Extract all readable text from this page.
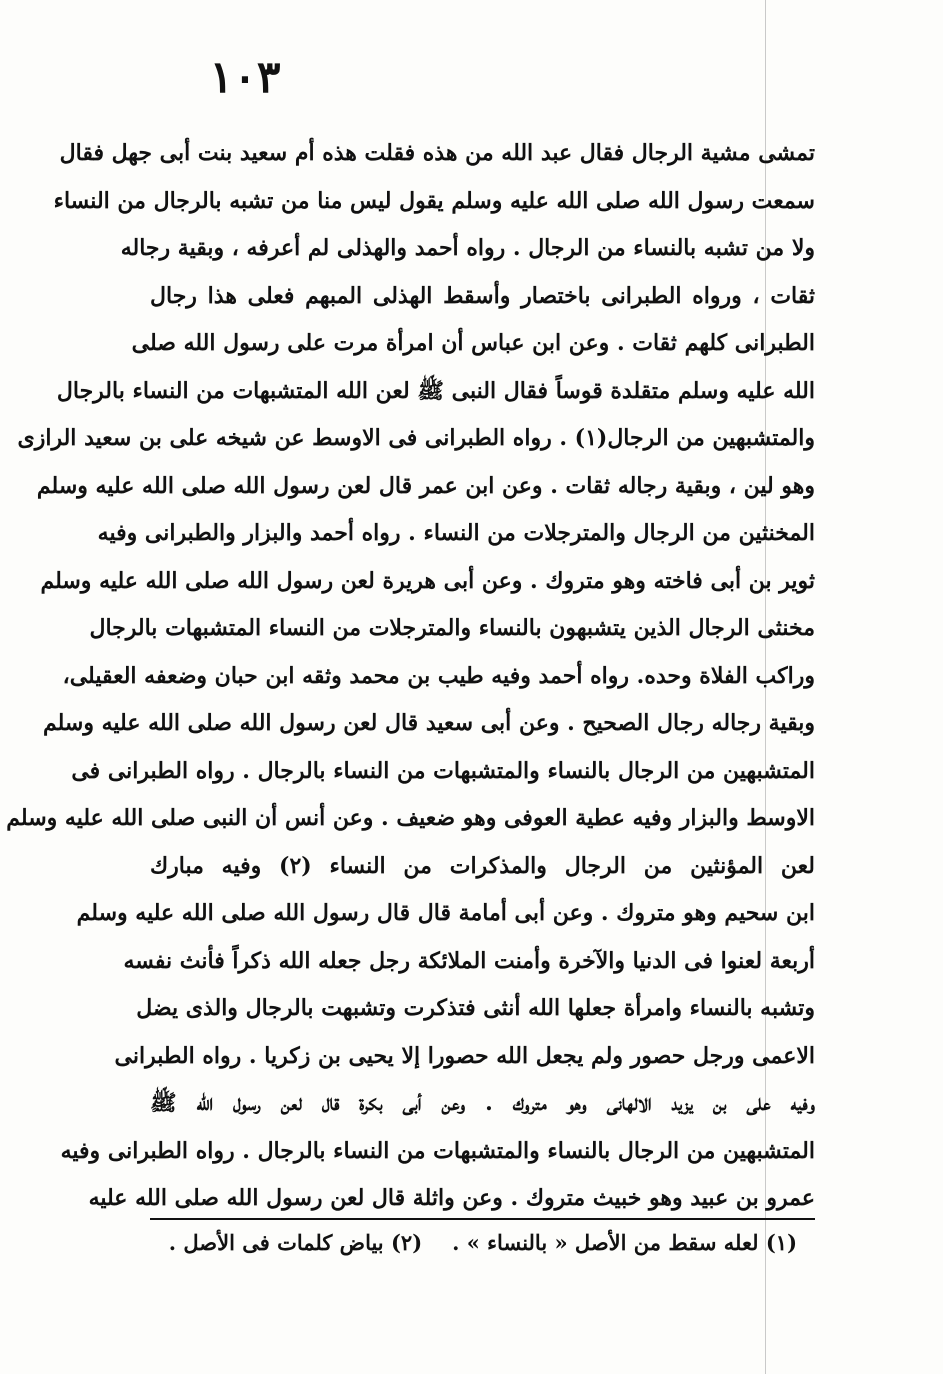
١٠٣
تمشى مشية الرجال فقال عبد الله من هذه فقلت هذه أم سعيد بنت أبى جهل فقال
سمعت رسول الله صلى الله عليه وسلم يقول ليس منا من تشبه بالرجال من النساء
ولا من تشبه بالنساء من الرجال . رواه أحمد والهذلى لم أعرفه ، وبقية رجاله
ثقات ، ورواه الطبرانى باختصار وأسقط الهذلى المبهم فعلى هذا رجال
الطبرانى كلهم ثقات . وعن ابن عباس أن امرأة مرت على رسول الله صلى
الله عليه وسلم متقلدة قوساً فقال النبى ﷺ لعن الله المتشبهات من النساء بالرجال
والمتشبهين من الرجال(١) . رواه الطبرانى فى الاوسط عن شيخه على بن سعيد الرازى
وهو لين ، وبقية رجاله ثقات . وعن ابن عمر قال لعن رسول الله صلى الله عليه وسلم
المخنثين من الرجال والمترجلات من النساء . رواه أحمد والبزار والطبرانى وفيه
ثوير بن أبى فاخته وهو متروك . وعن أبى هريرة لعن رسول الله صلى الله عليه وسلم
مخنثى الرجال الذين يتشبهون بالنساء والمترجلات من النساء المتشبهات بالرجال
وراكب الفلاة وحده. رواه أحمد وفيه طيب بن محمد وثقه ابن حبان وضعفه العقيلى،
وبقية رجاله رجال الصحيح . وعن أبى سعيد قال لعن رسول الله صلى الله عليه وسلم
المتشبهين من الرجال بالنساء والمتشبهات من النساء بالرجال . رواه الطبرانى فى
الاوسط والبزار وفيه عطية العوفى وهو ضعيف . وعن أنس أن النبى صلى الله عليه وسلم
لعن المؤنثين من الرجال والمذكرات من النساء (٢) وفيه مبارك
ابن سحيم وهو متروك . وعن أبى أمامة قال قال رسول الله صلى الله عليه وسلم
أربعة لعنوا فى الدنيا والآخرة وأمنت الملائكة رجل جعله الله ذكراً فأنث نفسه
وتشبه بالنساء وامرأة جعلها الله أنثى فتذكرت وتشبهت بالرجال والذى يضل
الاعمى ورجل حصور ولم يجعل الله حصورا إلا يحيى بن زكريا . رواه الطبرانى
وفيه على بن يزيد الالهانى وهو متروك . وعن أبى بكرة قال لعن رسول الله ﷺ
المتشبهين من الرجال بالنساء والمتشبهات من النساء بالرجال . رواه الطبرانى وفيه
عمرو بن عبيد وهو خبيث متروك . وعن واثلة قال لعن رسول الله صلى الله عليه
(١) لعله سقط من الأصل « بالنساء » .(٢) بياض كلمات فى الأصل .
